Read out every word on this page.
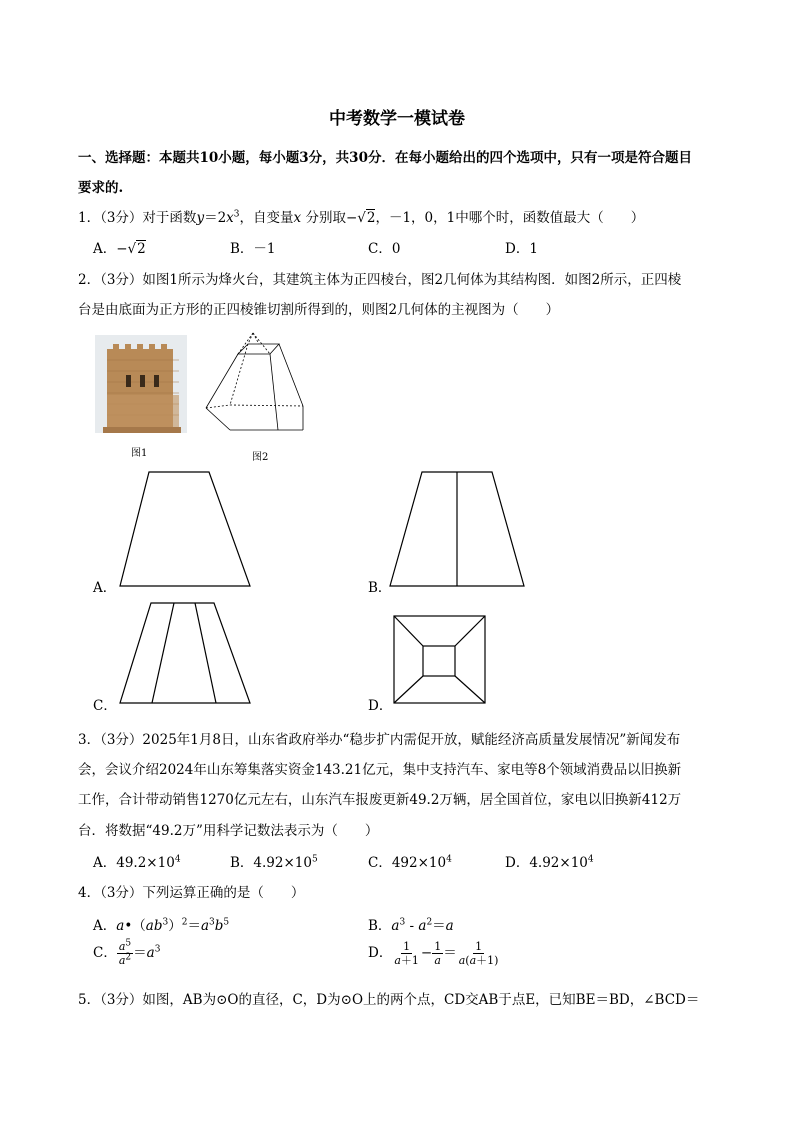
中考数学一模试卷
一、选择题：本题共10小题，每小题3分，共30分．在每小题给出的四个选项中，只有一项是符合题目
要求的.
1．（3分）对于函数$y=2x^3$，自变量x 分别取−√2，－1，0，1中哪个时，函数值最大（　　）
A．−√2	B．－1	C．0	D．1
2．（3分）如图1所示为烽火台，其建筑主体为正四棱台，图2几何体为其结构图．如图2所示，正四棱
台是由底面为正方形的正四棱锥切割所得到的，则图2几何体的主视图为（　　）
图1	图2
A．	B．
C．	D．
3．（3分）2025年1月8日，山东省政府举办“稳步扩内需促开放，赋能经济高质量发展情况”新闻发布
会，会议介绍2024年山东筹集落实资金143.21亿元，集中支持汽车、家电等8个领域消费品以旧换新
工作，合计带动销售1270亿元左右，山东汽车报废更新49.2万辆，居全国首位，家电以旧换新412万
台．将数据“49.2万”用科学记数法表示为（　　）
A．$49.2\times 10^4$	B．$4.92\times 10^5$	C．$492\times 10^4$	D．$4.92\times 10^4$
4．（3分）下列运算正确的是（　　）
A．$a•(ab^3)^2=a^3b^5$	B．$a^3 - a^2=a$
C． $\frac{a^5}{a^2} =a^3$	D． $\frac{1}{a+1} - \frac{1}{a} = \frac{1}{a(a+1)}$
5．（3分）如图，AB为⊙O的直径，C，D为⊙O上的两个点，CD交AB于点E，已知BE＝BD，∠BCD＝
